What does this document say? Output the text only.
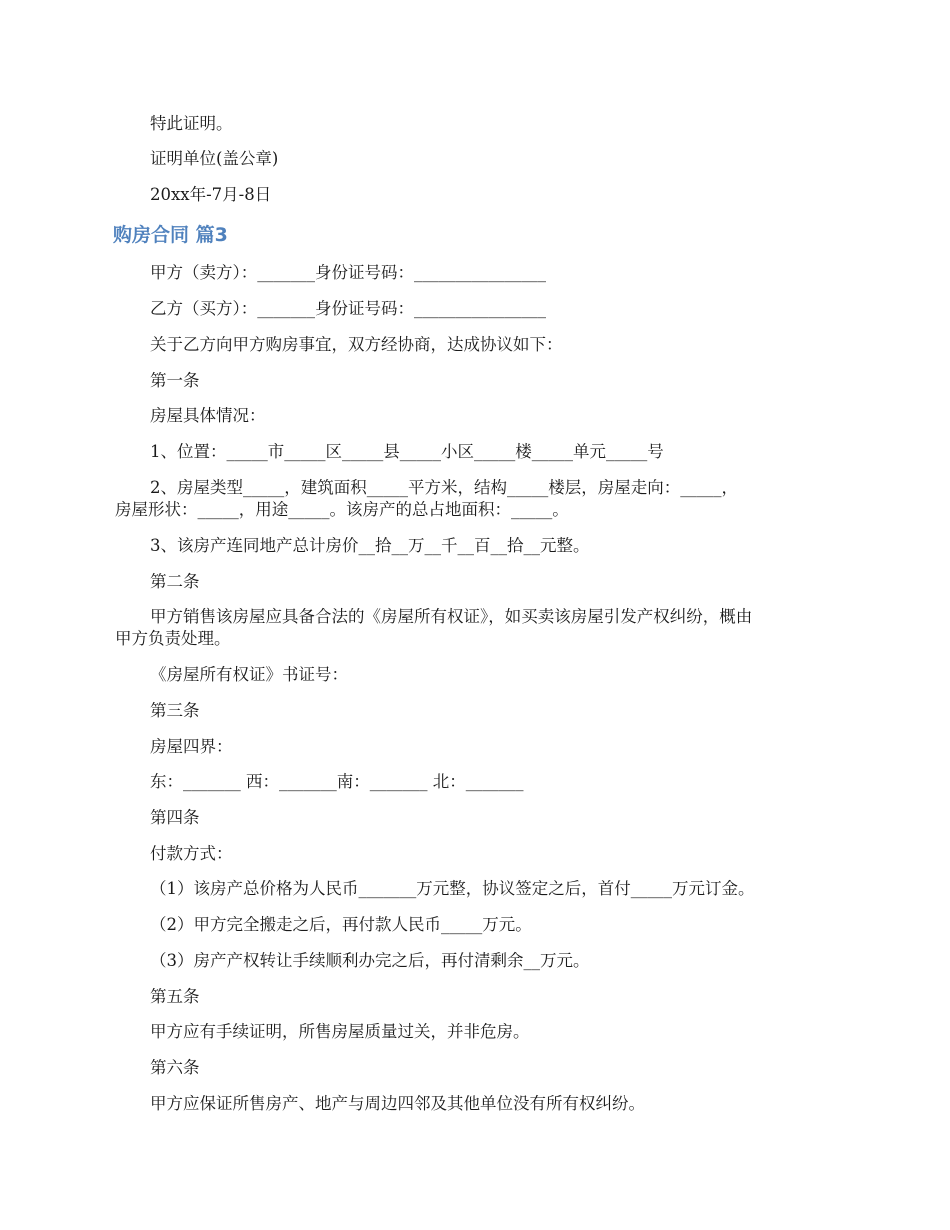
特此证明。
证明单位(盖公章)
20xx年-7月-8日
购房合同 篇3
甲方（卖方）：_______身份证号码：________________
乙方（买方）：_______身份证号码：________________
关于乙方向甲方购房事宜，双方经协商，达成协议如下：
第一条
房屋具体情况：
1、位置：_____市_____区_____县_____小区_____楼_____单元_____号
2、房屋类型_____，建筑面积_____平方米，结构_____楼层，房屋走向：_____，
房屋形状：_____，用途_____。该房产的总占地面积：_____。
3、该房产连同地产总计房价__拾__万__千__百__拾__元整。
第二条
甲方销售该房屋应具备合法的《房屋所有权证》，如买卖该房屋引发产权纠纷，概由
甲方负责处理。
《房屋所有权证》书证号：
第三条
房屋四界：
东：_______ 西：_______南：_______ 北：_______
第四条
付款方式：
（1）该房产总价格为人民币_______万元整，协议签定之后，首付_____万元订金。
（2）甲方完全搬走之后，再付款人民币_____万元。
（3）房产产权转让手续顺利办完之后，再付清剩余__万元。
第五条
甲方应有手续证明，所售房屋质量过关，并非危房。
第六条
甲方应保证所售房产、地产与周边四邻及其他单位没有所有权纠纷。
